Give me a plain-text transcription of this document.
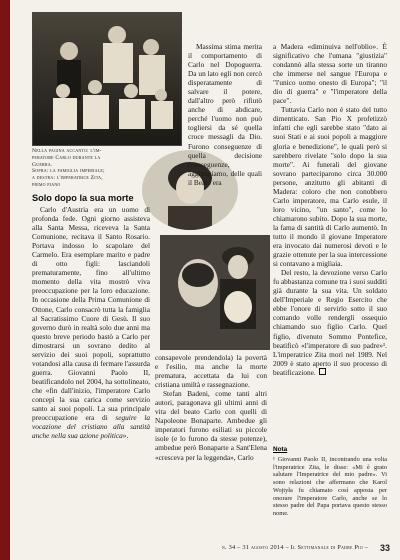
Nella pagina accanto: l'im-
peratore Carlo durante la
Guerra.
Sopra: la famiglia imperiale;
a destra: l'imperatrice Zita,
primo piano
Solo dopo la sua morte

Carlo d'Austria era un uomo di profonda fede. Ogni giorno assisteva alla Santa Messa, riceveva la Santa Comunione, recitava il Santo Rosario. Portava indosso lo scapolare del Carmelo. Era esemplare marito e padre di otto figli: lasciandoli prematuramente, fino all'ultimo momento della vita mostrò viva preoccupazione per la loro educazione. In occasione della Prima Comunione di Ottone, Carlo consacrò tutta la famiglia al Sacratissimo Cuore di Gesù. Il suo governo durò in realtà solo due anni ma questo breve periodo bastò a Carlo per dimostrarsi un sovrano dedito al servizio dei suoi popoli, soprattutto votandosi alla causa di fermare l'assurda guerra. Giovanni Paolo II, beatificandolo nel 2004, ha sottolineato, che «fin dall'inizio, l'imperatore Carlo concepì la sua carica come servizio santo ai suoi popoli. La sua principale preoccupazione era di seguire la vocazione del cristiano alla santità anche nella sua azione politica».

Massima stima merita il comportamento di Carlo nel Dopoguerra. Da un lato egli non cercò disperatamente di salvare il potere, dall'altro però rifiutò anche di abdicare, perché l'uomo non può togliersi da sé quella croce messagli da Dio. Furono conseguenze di quella decisione (conseguenze, aggiungiamo, delle quali il Beato era

consapevole prendendola) la povertà e l'esilio, ma anche la morte prematura, accettata da lui con cristiana umiltà e rassegnazione.

Stefan Badeni, come tanti altri autori, paragonava gli ultimi anni di vita del beato Carlo con quelli di Napoleone Bonaparte. Ambedue gli imperatori furono esiliati su piccole isole (e lo furono da stesse potenze), ambedue però Bonaparte a Sant'Elena «cresceva per la leggenda», Carlo

a Madera «diminuiva nell'oblio». È significativo che l'umana "giustizia" condannò alla stessa sorte un tiranno che immerse nel sangue l'Europa e "l'unico uomo onesto di Europa"; "il dio di guerra" e "l'imperatore della pace".

Tuttavia Carlo non è stato del tutto dimenticato. San Pio X profetizzò infatti che egli sarebbe stato "dato ai suoi Stati e ai suoi popoli a maggiore gloria e benedizione", le quali però si sarebbero rivelate "solo dopo la sua morte". Ai funerali del giovane sovrano parteciparono circa 30.000 persone, anzitutto gli abitanti di Madera: coloro che non conobbero Carlo imperatore, ma Carlo esule, il loro vicino, "un santo", come lo chiamarono subito. Dopo la sua morte, la fama di santità di Carlo aumentò. In tutto il mondo il giovane Imperatore era invocato dai numerosi devoti e le grazie ottenute per la sua intercessione si contavano a migliaia.

Del resto, la devozione verso Carlo fu abbastanza comune tra i suoi sudditi già durante la sua vita. Un soldato dell'Imperiale e Regio Esercito che ebbe l'onore di servirlo sotto il suo comando volle renderglì ossequio chiamando suo figlio Carlo. Quel figlio, divenuto Sommo Pontefice, beatificò «l'imperatore di suo padre»¹. L'imperatrice Zita morì nel 1989. Nel 2009 è stato aperto il suo processo di beatificazione.

Nota
¹ Giovanni Paolo II, incontrando una volta l'imperatrice Zita, le disse: «Mi è grato salutare l'Imperatrice del mio padre». Vi sono relazioni che affermano che Karol Wojtyła fu chiamato così apposta per onorare l'imperatore Carlo, anche se lo stesso padre del Papa portava questo stesso nome.
n. 34 – 31 agosto 2014 – Il Settimanale di Padre Pio – 33
